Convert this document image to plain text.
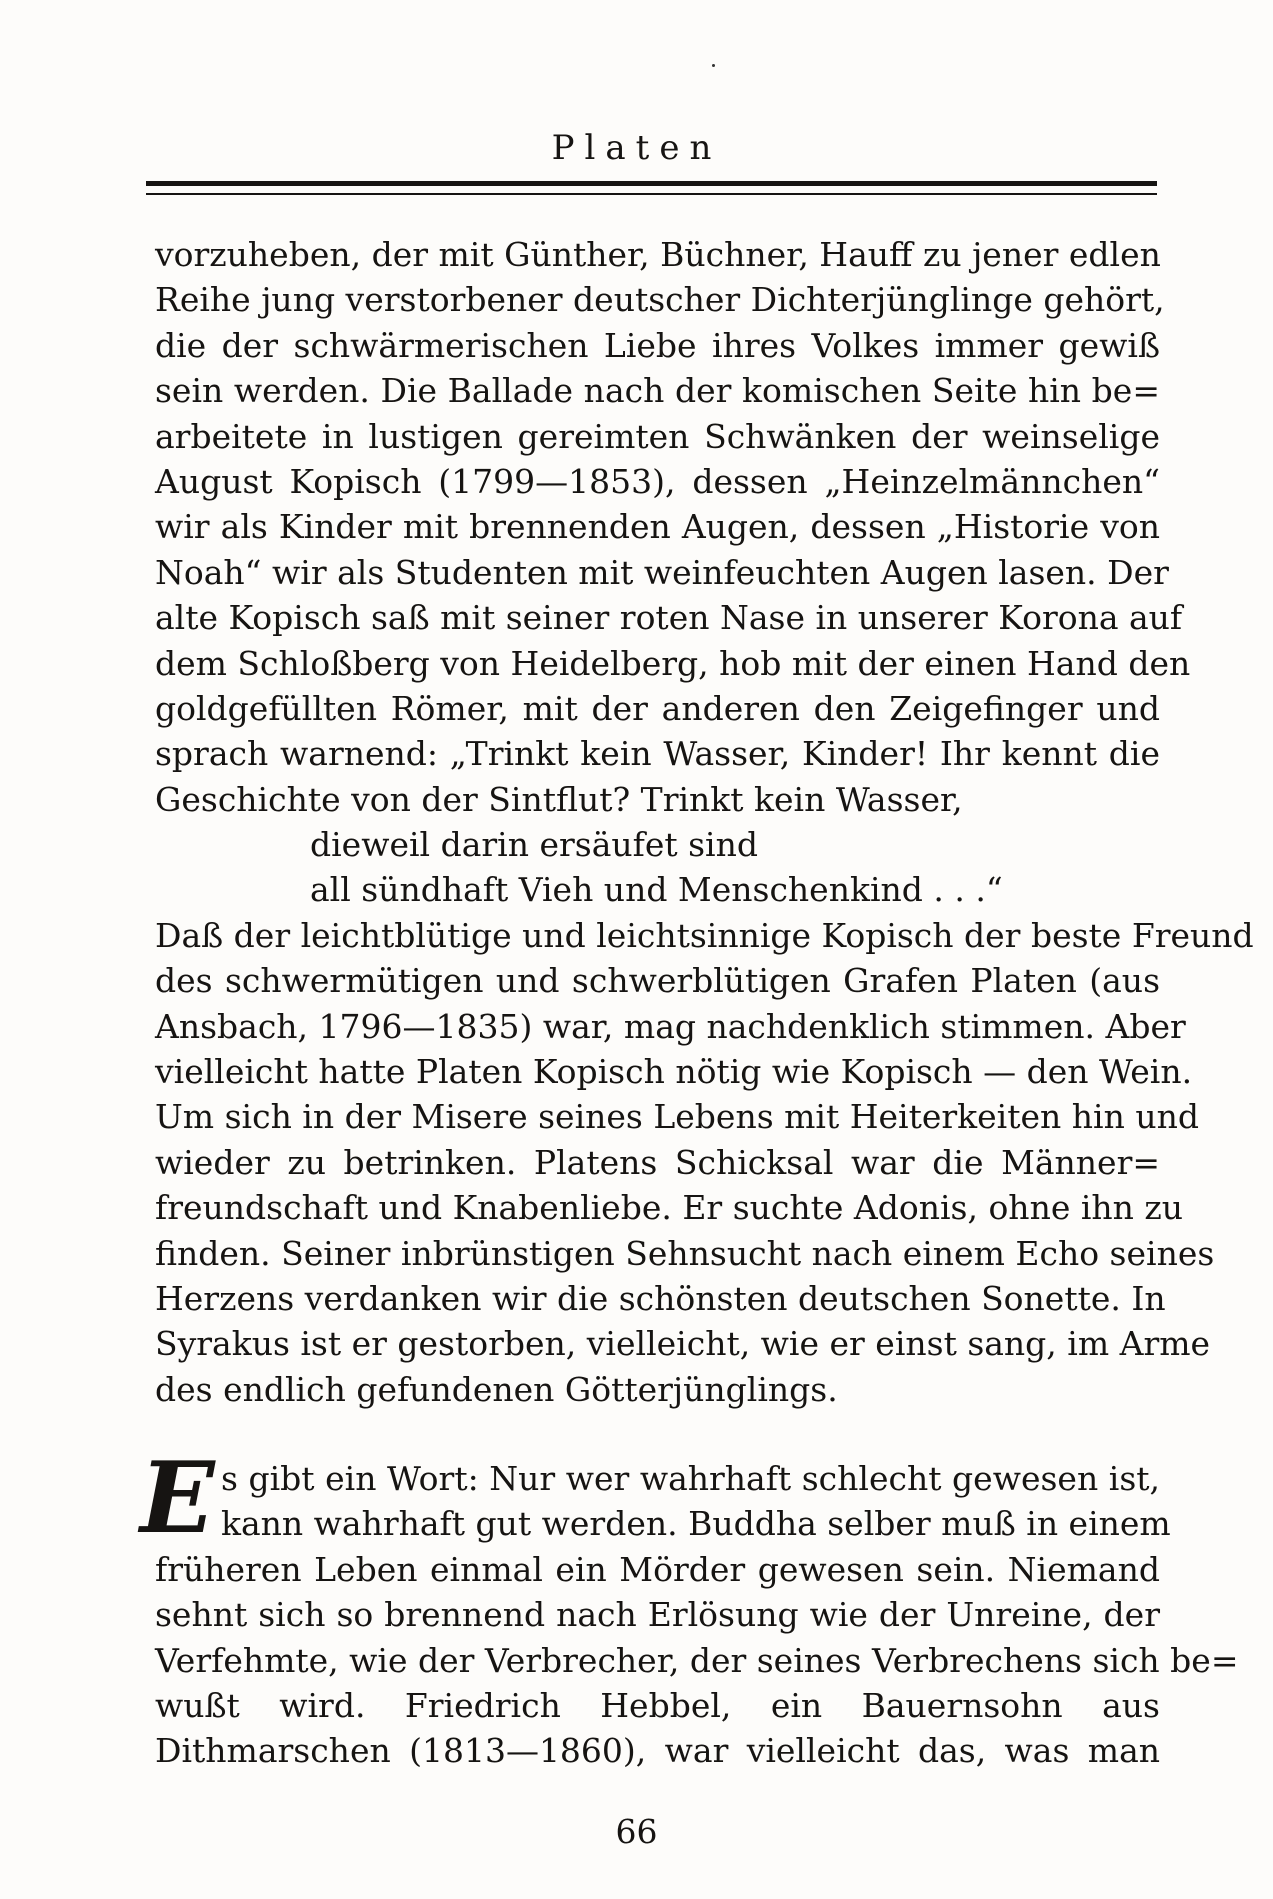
Platen
vorzuheben, der mit Günther, Büchner, Hauff zu jener edlen
Reihe jung verstorbener deutscher Dichterjünglinge gehört,
die der schwärmerischen Liebe ihres Volkes immer gewiß
sein werden. Die Ballade nach der komischen Seite hin be=
arbeitete in lustigen gereimten Schwänken der weinselige
August Kopisch (1799—1853), dessen „Heinzelmännchen“
wir als Kinder mit brennenden Augen, dessen „Historie von
Noah“ wir als Studenten mit weinfeuchten Augen lasen. Der
alte Kopisch saß mit seiner roten Nase in unserer Korona auf
dem Schloßberg von Heidelberg, hob mit der einen Hand den
goldgefüllten Römer, mit der anderen den Zeigefinger und
sprach warnend: „Trinkt kein Wasser, Kinder! Ihr kennt die
Geschichte von der Sintflut? Trinkt kein Wasser,
dieweil darin ersäufet sind
all sündhaft Vieh und Menschenkind . . .“
Daß der leichtblütige und leichtsinnige Kopisch der beste Freund
des schwermütigen und schwerblütigen Grafen Platen (aus
Ansbach, 1796—1835) war, mag nachdenklich stimmen. Aber
vielleicht hatte Platen Kopisch nötig wie Kopisch — den Wein.
Um sich in der Misere seines Lebens mit Heiterkeiten hin und
wieder zu betrinken. Platens Schicksal war die Männer=
freundschaft und Knabenliebe. Er suchte Adonis, ohne ihn zu
finden. Seiner inbrünstigen Sehnsucht nach einem Echo seines
Herzens verdanken wir die schönsten deutschen Sonette. In
Syrakus ist er gestorben, vielleicht, wie er einst sang, im Arme
des endlich gefundenen Götterjünglings.
E s gibt ein Wort: Nur wer wahrhaft schlecht gewesen ist,
kann wahrhaft gut werden. Buddha selber muß in einem
früheren Leben einmal ein Mörder gewesen sein. Niemand
sehnt sich so brennend nach Erlösung wie der Unreine, der
Verfehmte, wie der Verbrecher, der seines Verbrechens sich be=
wußt wird. Friedrich Hebbel, ein Bauernsohn aus
Dithmarschen (1813—1860), war vielleicht das, was man
66
